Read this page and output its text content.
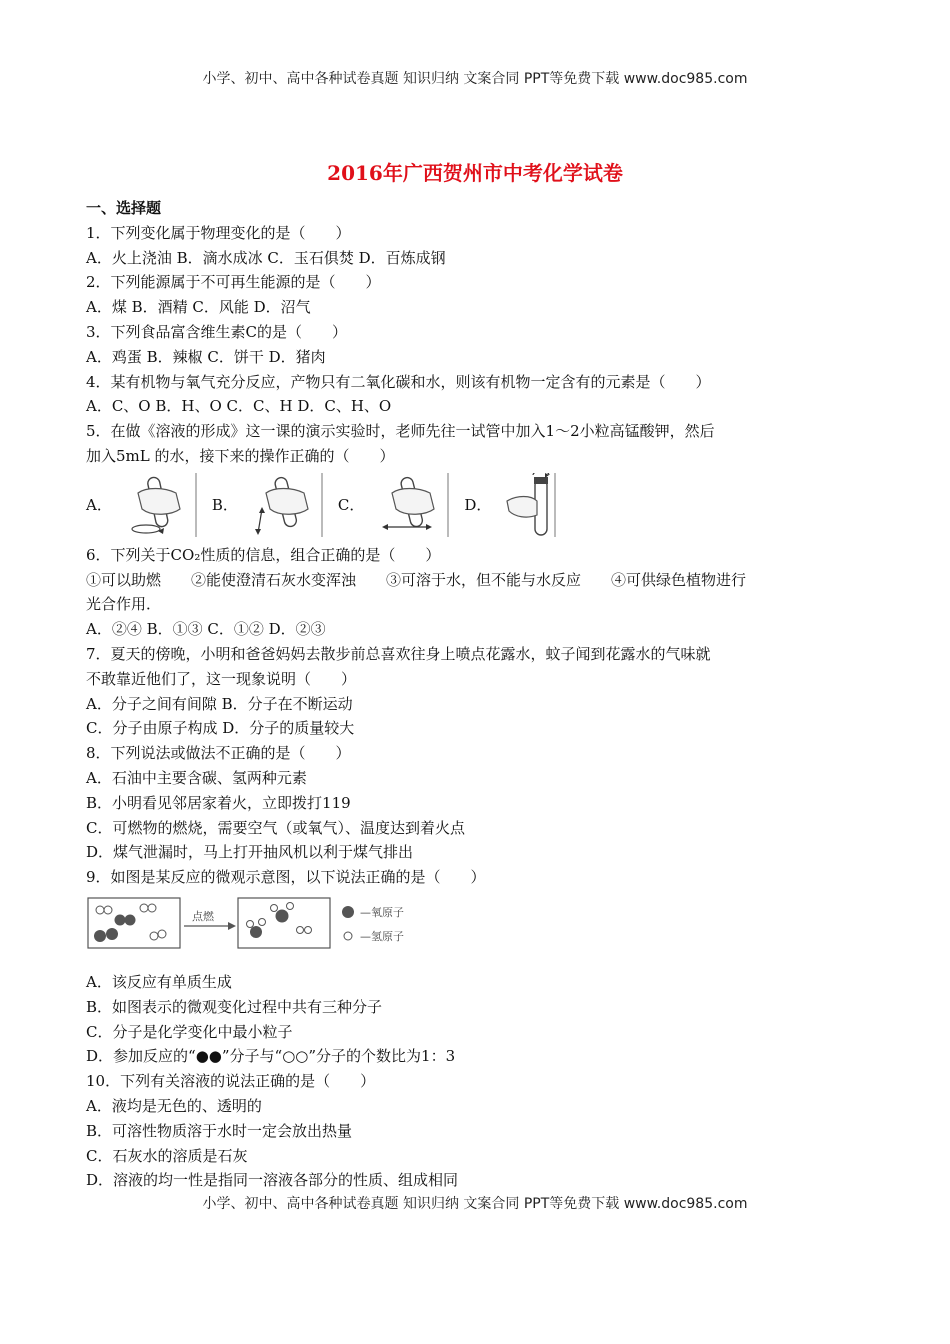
小学、初中、高中各种试卷真题 知识归纳 文案合同 PPT等免费下载 www.doc985.com
2016年广西贺州市中考化学试卷
一、选择题
1．下列变化属于物理变化的是（　　）
A．火上浇油 B．滴水成冰 C．玉石俱焚 D．百炼成钢
2．下列能源属于不可再生能源的是（　　）
A．煤 B．酒精 C．风能 D．沼气
3．下列食品富含维生素C的是（　　）
A．鸡蛋 B．辣椒 C．饼干 D．猪肉
4．某有机物与氧气充分反应，产物只有二氧化碳和水，则该有机物一定含有的元素是（　　）
A．C、O B．H、O C．C、H D．C、H、O
5．在做《溶液的形成》这一课的演示实验时，老师先往一试管中加入1～2小粒高锰酸钾，然后
加入5mL 的水，接下来的操作正确的（　　）
A．	B．	C．	D．
6．下列关于CO₂性质的信息，组合正确的是（　　）
①可以助燃　　②能使澄清石灰水变浑浊　　③可溶于水，但不能与水反应　　④可供绿色植物进行
光合作用．
A．②④ B．①③ C．①② D．②③
7．夏天的傍晚，小明和爸爸妈妈去散步前总喜欢往身上喷点花露水，蚊子闻到花露水的气味就
不敢靠近他们了，这一现象说明（　　）
A．分子之间有间隙 B．分子在不断运动
C．分子由原子构成 D．分子的质量较大
8．下列说法或做法不正确的是（　　）
A．石油中主要含碳、氢两种元素
B．小明看见邻居家着火，立即拨打119
C．可燃物的燃烧，需要空气（或氧气）、温度达到着火点
D．煤气泄漏时，马上打开抽风机以利于煤气排出
9．如图是某反应的微观示意图，以下说法正确的是（　　）
点燃	—氧原子
—氢原子
A．该反应有单质生成
B．如图表示的微观变化过程中共有三种分子
C．分子是化学变化中最小粒子
D．参加反应的“●●”分子与“○○”分子的个数比为1：3
10．下列有关溶液的说法正确的是（　　）
A．液均是无色的、透明的
B．可溶性物质溶于水时一定会放出热量
C．石灰水的溶质是石灰
D．溶液的均一性是指同一溶液各部分的性质、组成相同
小学、初中、高中各种试卷真题 知识归纳 文案合同 PPT等免费下载 www.doc985.com
